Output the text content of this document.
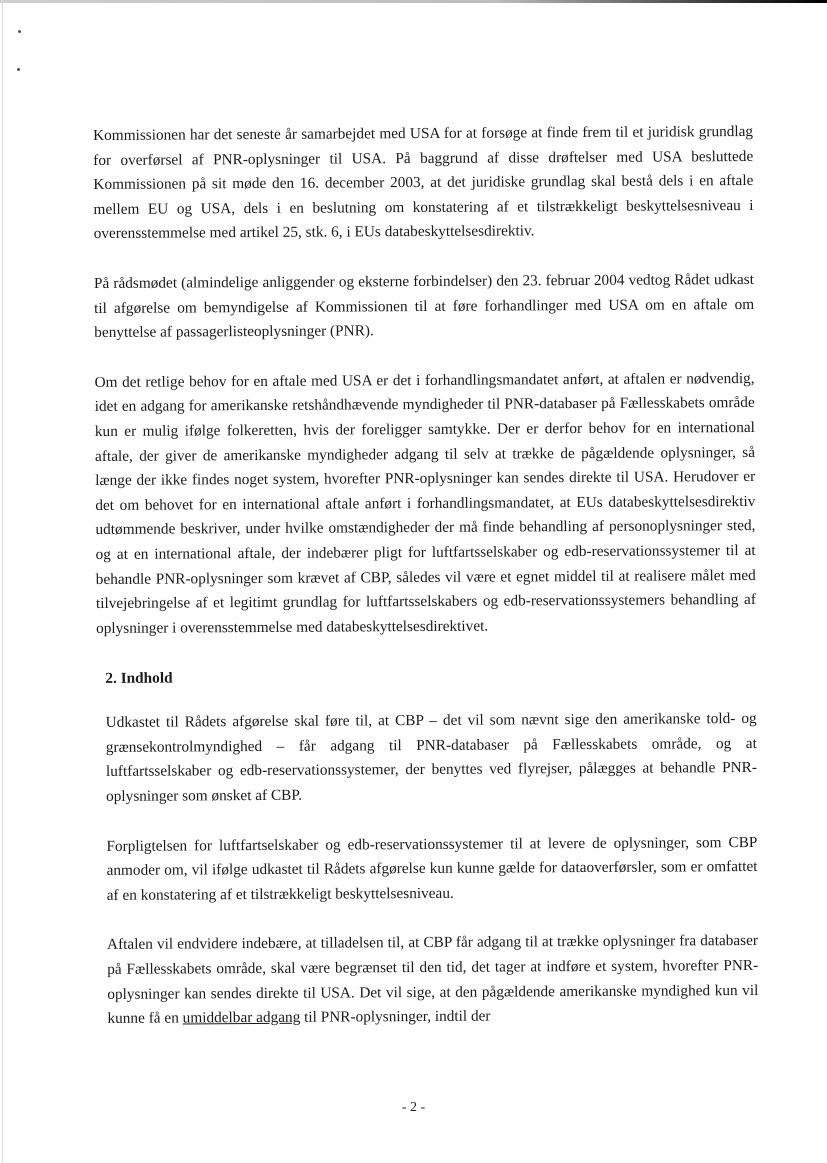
Kommissionen har det seneste år samarbejdet med USA for at forsøge at finde frem til et juridisk grundlag for overførsel af PNR-oplysninger til USA. På baggrund af disse drøftelser med USA besluttede Kommissionen på sit møde den 16. december 2003, at det juridiske grundlag skal bestå dels i en aftale mellem EU og USA, dels i en beslutning om konstatering af et tilstrækkeligt beskyttelsesniveau i overensstemmelse med artikel 25, stk. 6, i EUs databeskyttelsesdirektiv.

På rådsmødet (almindelige anliggender og eksterne forbindelser) den 23. februar 2004 vedtog Rådet udkast til afgørelse om bemyndigelse af Kommissionen til at føre forhandlinger med USA om en aftale om benyttelse af passagerlisteoplysninger (PNR).

Om det retlige behov for en aftale med USA er det i forhandlingsmandatet anført, at aftalen er nødvendig, idet en adgang for amerikanske retshåndhævende myndigheder til PNR-databaser på Fællesskabets område kun er mulig ifølge folkeretten, hvis der foreligger samtykke. Der er derfor behov for en international aftale, der giver de amerikanske myndigheder adgang til selv at trække de pågældende oplysninger, så længe der ikke findes noget system, hvorefter PNR-oplysninger kan sendes direkte til USA. Herudover er det om behovet for en international aftale anført i forhandlingsmandatet, at EUs databeskyttelsesdirektiv udtømmende beskriver, under hvilke omstændigheder der må finde behandling af personoplysninger sted, og at en international aftale, der indebærer pligt for luftfartsselskaber og edb-reservationssystemer til at behandle PNR-oplysninger som krævet af CBP, således vil være et egnet middel til at realisere målet med tilvejebringelse af et legitimt grundlag for luftfartsselskabers og edb-reservationssystemers behandling af oplysninger i overensstemmelse med databeskyttelsesdirektivet.

2. Indhold

Udkastet til Rådets afgørelse skal føre til, at CBP – det vil som nævnt sige den amerikanske told- og grænsekontrolmyndighed – får adgang til PNR-databaser på Fællesskabets område, og at luftfartsselskaber og edb-reservationssystemer, der benyttes ved flyrejser, pålægges at behandle PNR-oplysninger som ønsket af CBP.

Forpligtelsen for luftfartselskaber og edb-reservationssystemer til at levere de oplysninger, som CBP anmoder om, vil ifølge udkastet til Rådets afgørelse kun kunne gælde for dataoverførsler, som er omfattet af en konstatering af et tilstrækkeligt beskyttelsesniveau.

Aftalen vil endvidere indebære, at tilladelsen til, at CBP får adgang til at trække oplysninger fra databaser på Fællesskabets område, skal være begrænset til den tid, det tager at indføre et system, hvorefter PNR-oplysninger kan sendes direkte til USA. Det vil sige, at den pågældende amerikanske myndighed kun vil kunne få en umiddelbar adgang til PNR-oplysninger, indtil der

- 2 -
